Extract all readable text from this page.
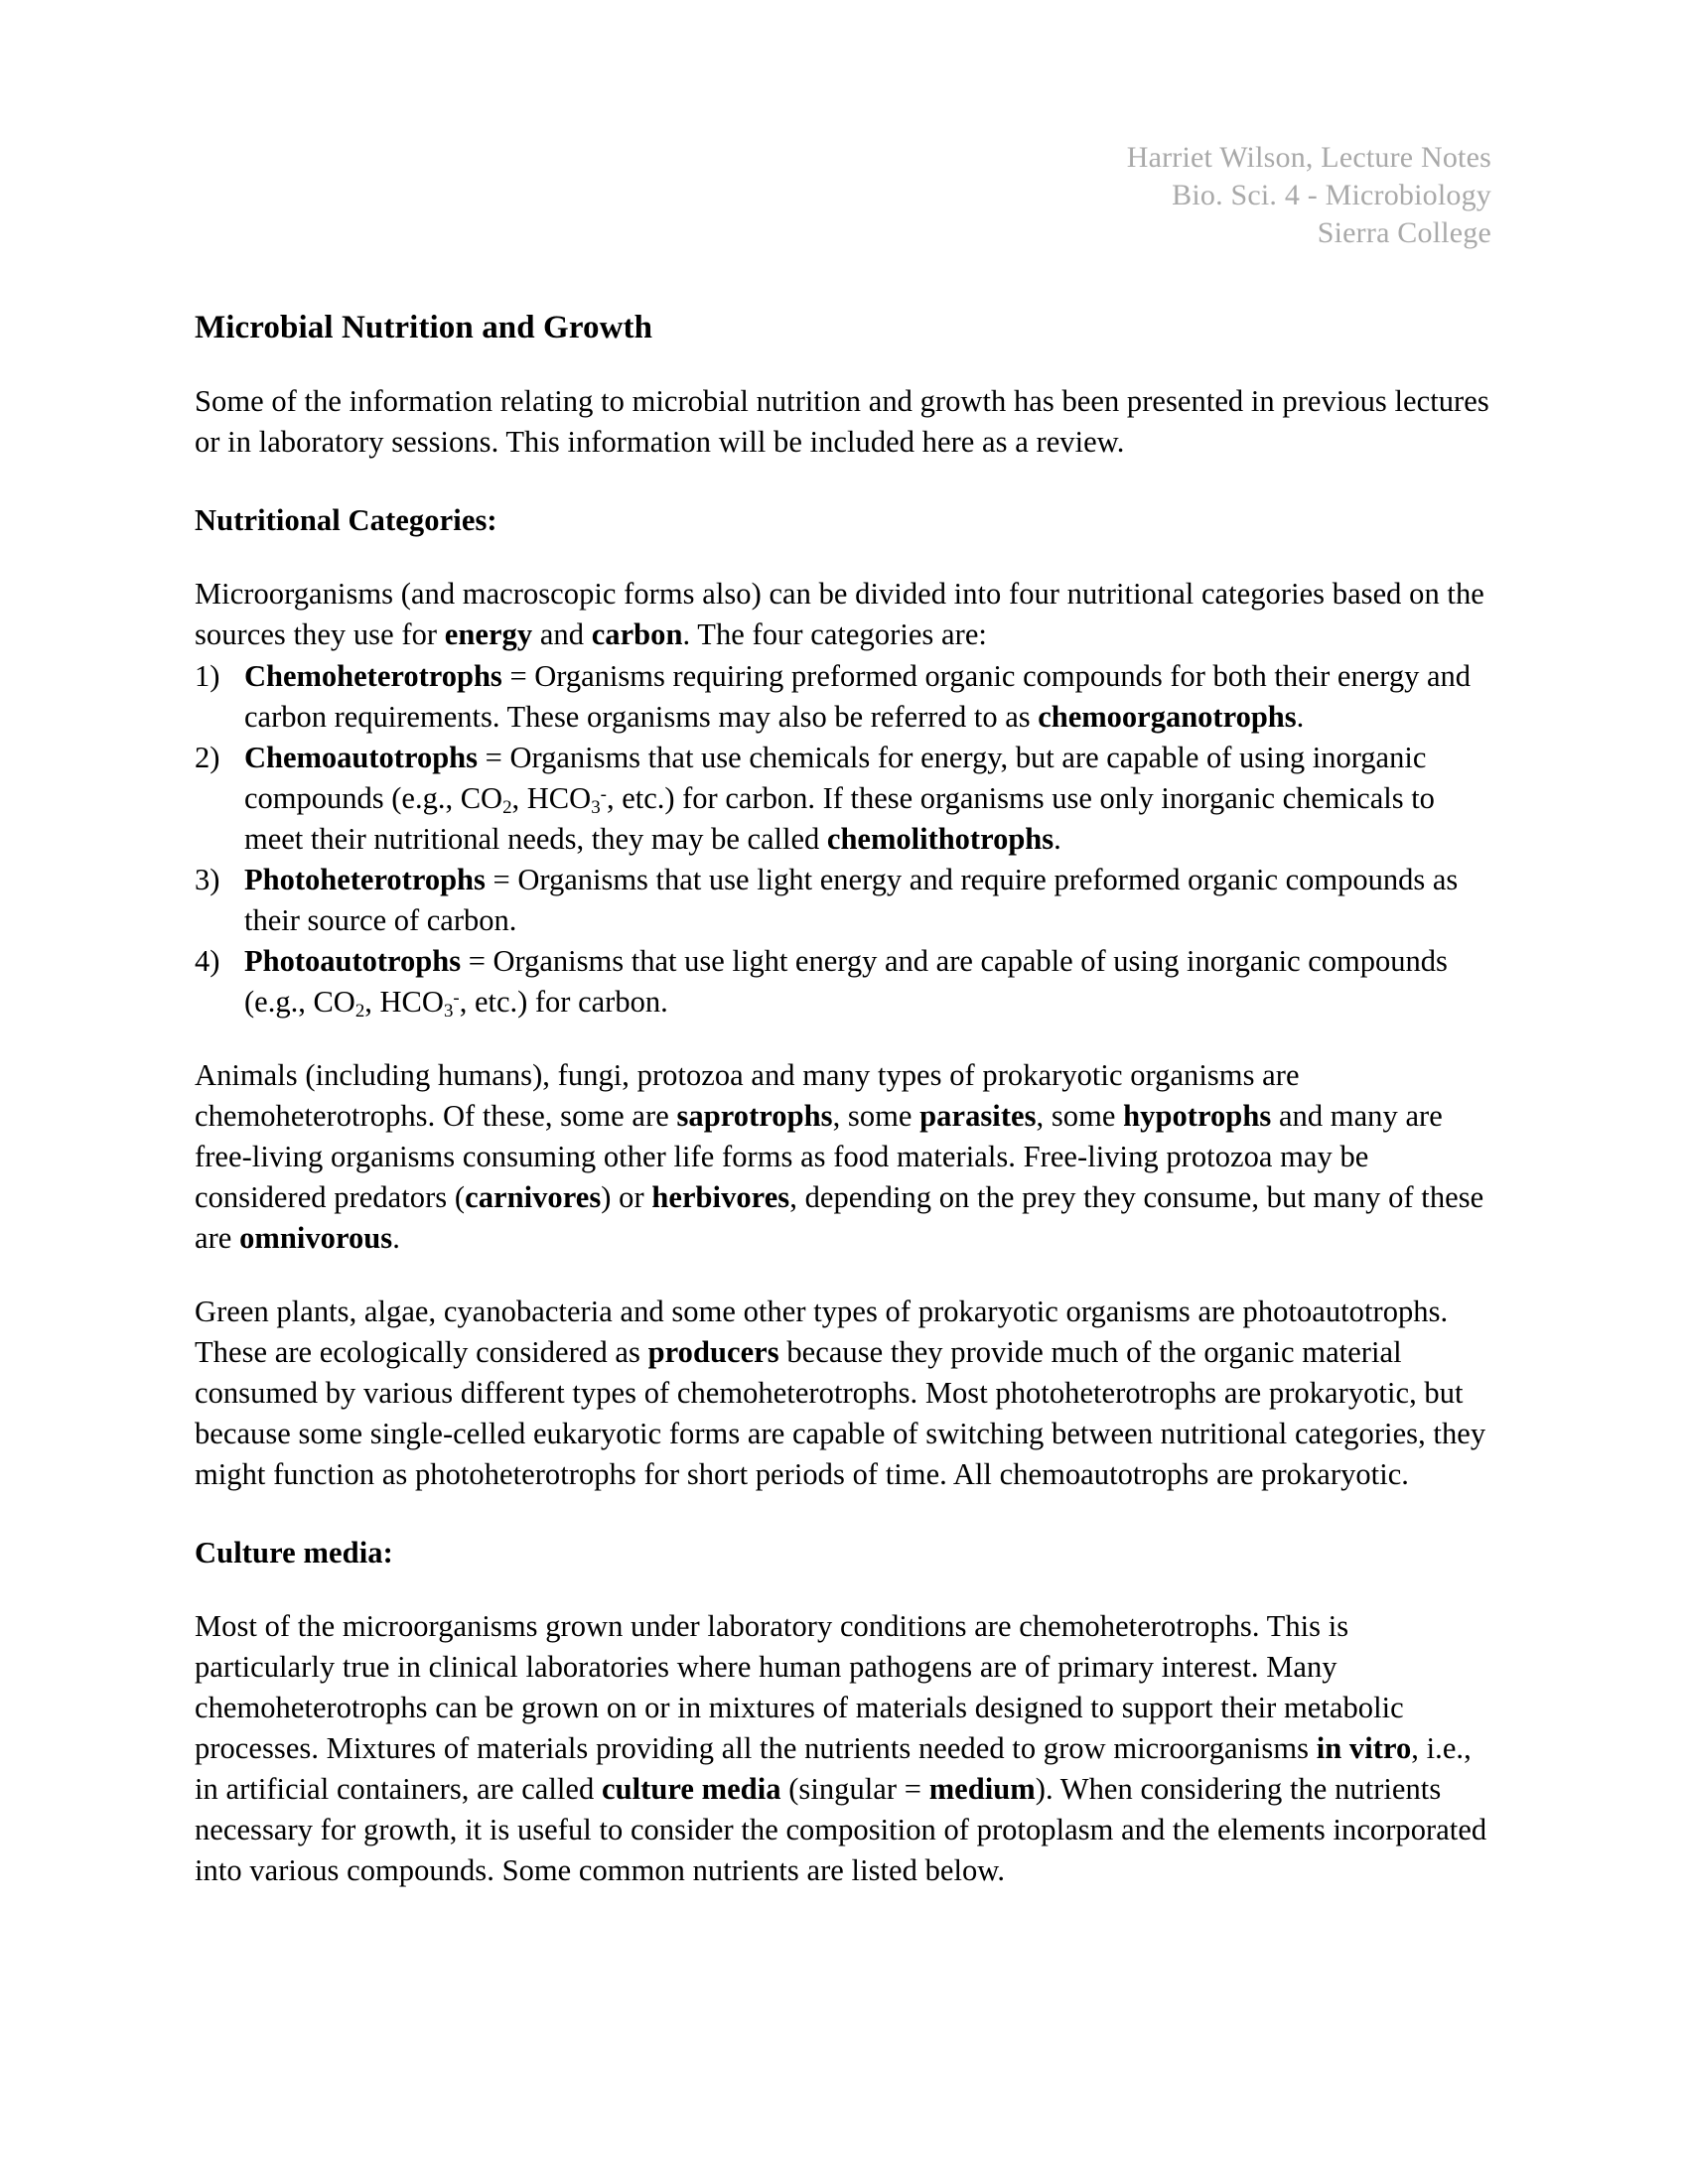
Harriet Wilson, Lecture Notes
Bio. Sci. 4 - Microbiology
Sierra College
Microbial Nutrition and Growth

Some of the information relating to microbial nutrition and growth has been presented in previous lectures or in laboratory sessions. This information will be included here as a review.

Nutritional Categories:

Microorganisms (and macroscopic forms also) can be divided into four nutritional categories based on the sources they use for energy and carbon. The four categories are:

1) Chemoheterotrophs = Organisms requiring preformed organic compounds for both their energy and carbon requirements. These organisms may also be referred to as chemoorganotrophs.
2) Chemoautotrophs = Organisms that use chemicals for energy, but are capable of using inorganic compounds (e.g., $CO_2$, $HCO_3^-$, etc.) for carbon. If these organisms use only inorganic chemicals to meet their nutritional needs, they may be called chemolithotrophs.
3) Photoheterotrophs = Organisms that use light energy and require preformed organic compounds as their source of carbon.
4) Photoautotrophs = Organisms that use light energy and are capable of using inorganic compounds (e.g., $CO_2$, $HCO_3^-$, etc.) for carbon.

Animals (including humans), fungi, protozoa and many types of prokaryotic organisms are chemoheterotrophs. Of these, some are saprotrophs, some parasites, some hypotrophs and many are free-living organisms consuming other life forms as food materials. Free-living protozoa may be considered predators (carnivores) or herbivores, depending on the prey they consume, but many of these are omnivorous.

Green plants, algae, cyanobacteria and some other types of prokaryotic organisms are photoautotrophs. These are ecologically considered as producers because they provide much of the organic material consumed by various different types of chemoheterotrophs. Most photoheterotrophs are prokaryotic, but because some single-celled eukaryotic forms are capable of switching between nutritional categories, they might function as photoheterotrophs for short periods of time. All chemoautotrophs are prokaryotic.

Culture media:

Most of the microorganisms grown under laboratory conditions are chemoheterotrophs. This is particularly true in clinical laboratories where human pathogens are of primary interest. Many chemoheterotrophs can be grown on or in mixtures of materials designed to support their metabolic processes. Mixtures of materials providing all the nutrients needed to grow microorganisms in vitro, i.e., in artificial containers, are called culture media (singular = medium). When considering the nutrients necessary for growth, it is useful to consider the composition of protoplasm and the elements incorporated into various compounds. Some common nutrients are listed below.
